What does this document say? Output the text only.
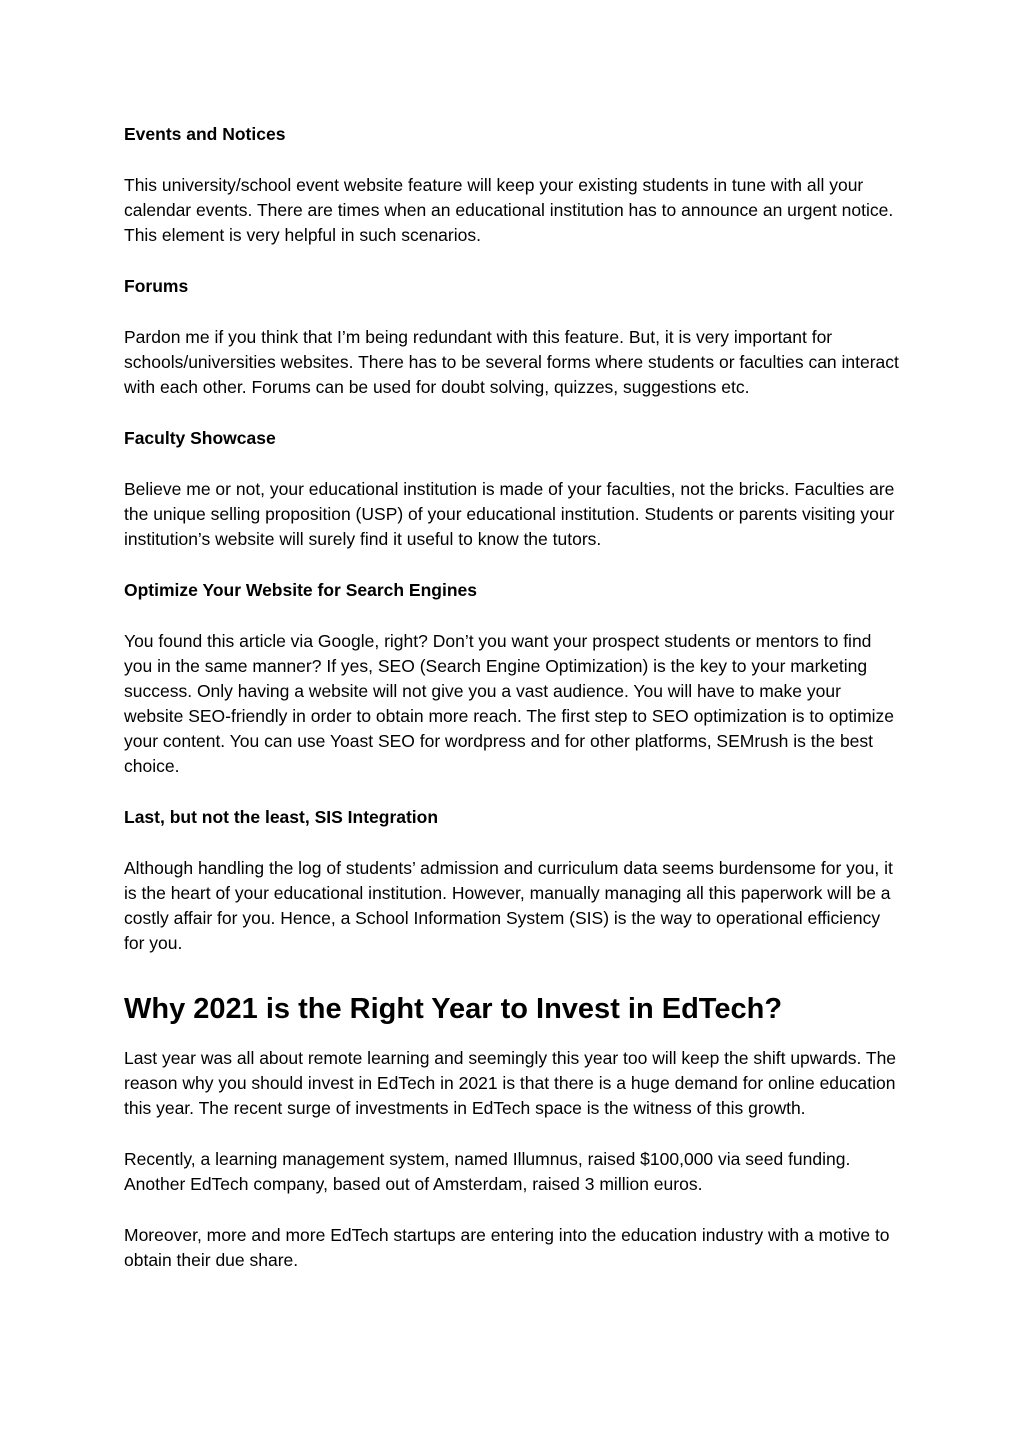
Events and Notices

This university/school event website feature will keep your existing students in tune with all your calendar events. There are times when an educational institution has to announce an urgent notice. This element is very helpful in such scenarios.

Forums

Pardon me if you think that I’m being redundant with this feature. But, it is very important for schools/universities websites. There has to be several forms where students or faculties can interact with each other. Forums can be used for doubt solving, quizzes, suggestions etc.

Faculty Showcase

Believe me or not, your educational institution is made of your faculties, not the bricks. Faculties are the unique selling proposition (USP) of your educational institution. Students or parents visiting your institution’s website will surely find it useful to know the tutors.

Optimize Your Website for Search Engines

You found this article via Google, right? Don’t you want your prospect students or mentors to find you in the same manner? If yes, SEO (Search Engine Optimization) is the key to your marketing success. Only having a website will not give you a vast audience. You will have to make your website SEO-friendly in order to obtain more reach. The first step to SEO optimization is to optimize your content. You can use Yoast SEO for wordpress and for other platforms, SEMrush is the best choice.

Last, but not the least, SIS Integration

Although handling the log of students’ admission and curriculum data seems burdensome for you, it is the heart of your educational institution. However, manually managing all this paperwork will be a costly affair for you. Hence, a School Information System (SIS) is the way to operational efficiency for you.

Why 2021 is the Right Year to Invest in EdTech?

Last year was all about remote learning and seemingly this year too will keep the shift upwards. The reason why you should invest in EdTech in 2021 is that there is a huge demand for online education this year. The recent surge of investments in EdTech space is the witness of this growth.

Recently, a learning management system, named Illumnus, raised $100,000 via seed funding. Another EdTech company, based out of Amsterdam, raised 3 million euros.

Moreover, more and more EdTech startups are entering into the education industry with a motive to obtain their due share.
